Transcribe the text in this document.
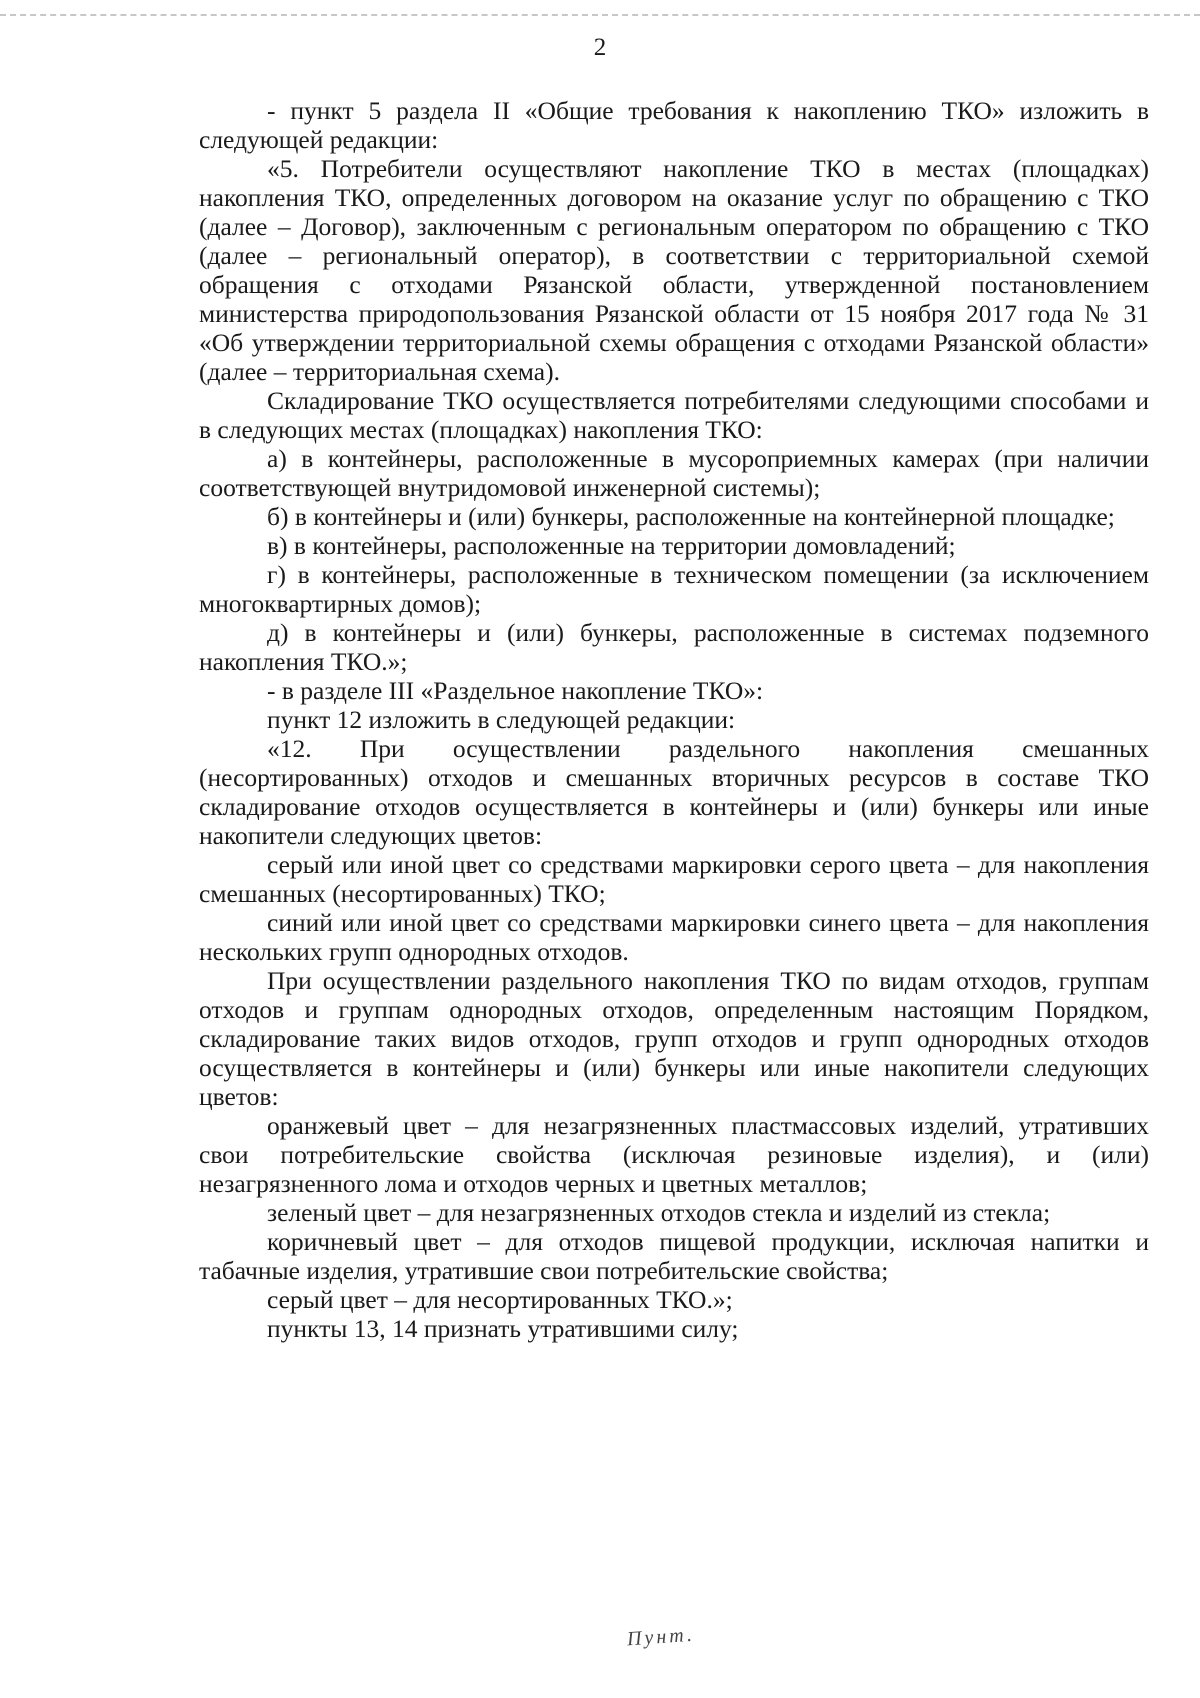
2

- пункт 5 раздела II «Общие требования к накоплению ТКО» изложить в следующей редакции:

«5. Потребители осуществляют накопление ТКО в местах (площадках) накопления ТКО, определенных договором на оказание услуг по обращению с ТКО (далее – Договор), заключенным с региональным оператором по обращению с ТКО (далее – региональный оператор), в соответствии с территориальной схемой обращения с отходами Рязанской области, утвержденной постановлением министерства природопользования Рязанской области от 15 ноября 2017 года № 31 «Об утверждении территориальной схемы обращения с отходами Рязанской области» (далее – территориальная схема).

Складирование ТКО осуществляется потребителями следующими способами и в следующих местах (площадках) накопления ТКО:

а) в контейнеры, расположенные в мусороприемных камерах (при наличии соответствующей внутридомовой инженерной системы);

б) в контейнеры и (или) бункеры, расположенные на контейнерной площадке;

в) в контейнеры, расположенные на территории домовладений;

г) в контейнеры, расположенные в техническом помещении (за исключением многоквартирных домов);

д) в контейнеры и (или) бункеры, расположенные в системах подземного накопления ТКО.»;

- в разделе III «Раздельное накопление ТКО»:

пункт 12 изложить в следующей редакции:

«12. При осуществлении раздельного накопления смешанных (несортированных) отходов и смешанных вторичных ресурсов в составе ТКО складирование отходов осуществляется в контейнеры и (или) бункеры или иные накопители следующих цветов:

серый или иной цвет со средствами маркировки серого цвета – для накопления смешанных (несортированных) ТКО;

синий или иной цвет со средствами маркировки синего цвета – для накопления нескольких групп однородных отходов.

При осуществлении раздельного накопления ТКО по видам отходов, группам отходов и группам однородных отходов, определенным настоящим Порядком, складирование таких видов отходов, групп отходов и групп однородных отходов осуществляется в контейнеры и (или) бункеры или иные накопители следующих цветов:

оранжевый цвет – для незагрязненных пластмассовых изделий, утративших свои потребительские свойства (исключая резиновые изделия), и (или) незагрязненного лома и отходов черных и цветных металлов;

зеленый цвет – для незагрязненных отходов стекла и изделий из стекла;

коричневый цвет – для отходов пищевой продукции, исключая напитки и табачные изделия, утратившие свои потребительские свойства;

серый цвет – для несортированных ТКО.»;

пункты 13, 14 признать утратившими силу;

Пунт.
